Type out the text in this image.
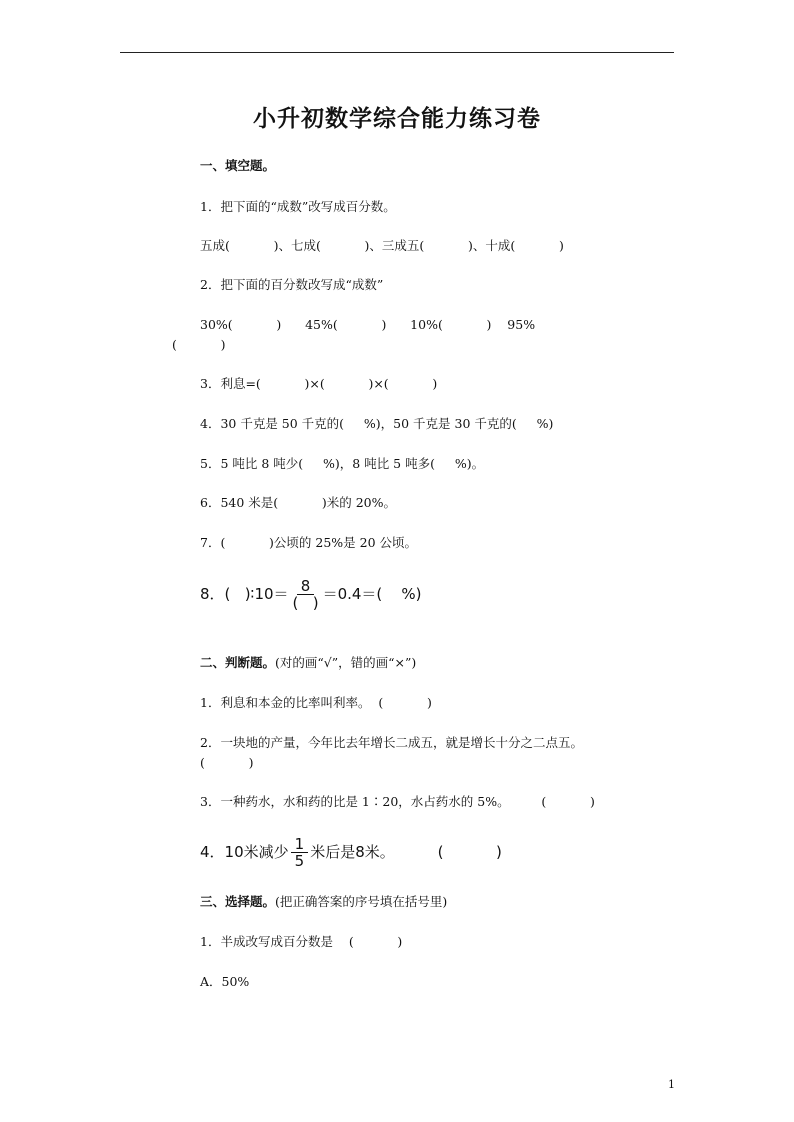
小升初数学综合能力练习卷
一、填空题。
1．把下面的“成数”改写成百分数。
五成(           )、七成(           )、三成五(           )、十成(           )
2．把下面的百分数改写成“成数”
30%(           )      45%(           )      10%(           )    95%
(           )
3．利息=(           )×(           )×(           )
4．30 千克是 50 千克的(     %)，50 千克是 30 千克的(     %)
5．5 吨比 8 吨少(     %)，8 吨比 5 吨多(     %)。
6．540 米是(           )米的 20%。
7．(           )公顷的 25%是 20 公顷。
8．(   )∶10＝ $\frac{8}{( )} =0.4=$(    %)
二、判断题。(对的画“√”，错的画“×”)
1．利息和本金的比率叫利率。  (           )
2．一块地的产量，今年比去年增长二成五，就是增长十分之二点五。
(           )
3．一种药水，水和药的比是 1∶20，水占药水的 5%。        (           )
4．10米减少 $\frac{1}{5}$ 米后是8米。         (           )
三、选择题。(把正确答案的序号填在括号里)
1．半成改写成百分数是    (           )
A．50%
1
